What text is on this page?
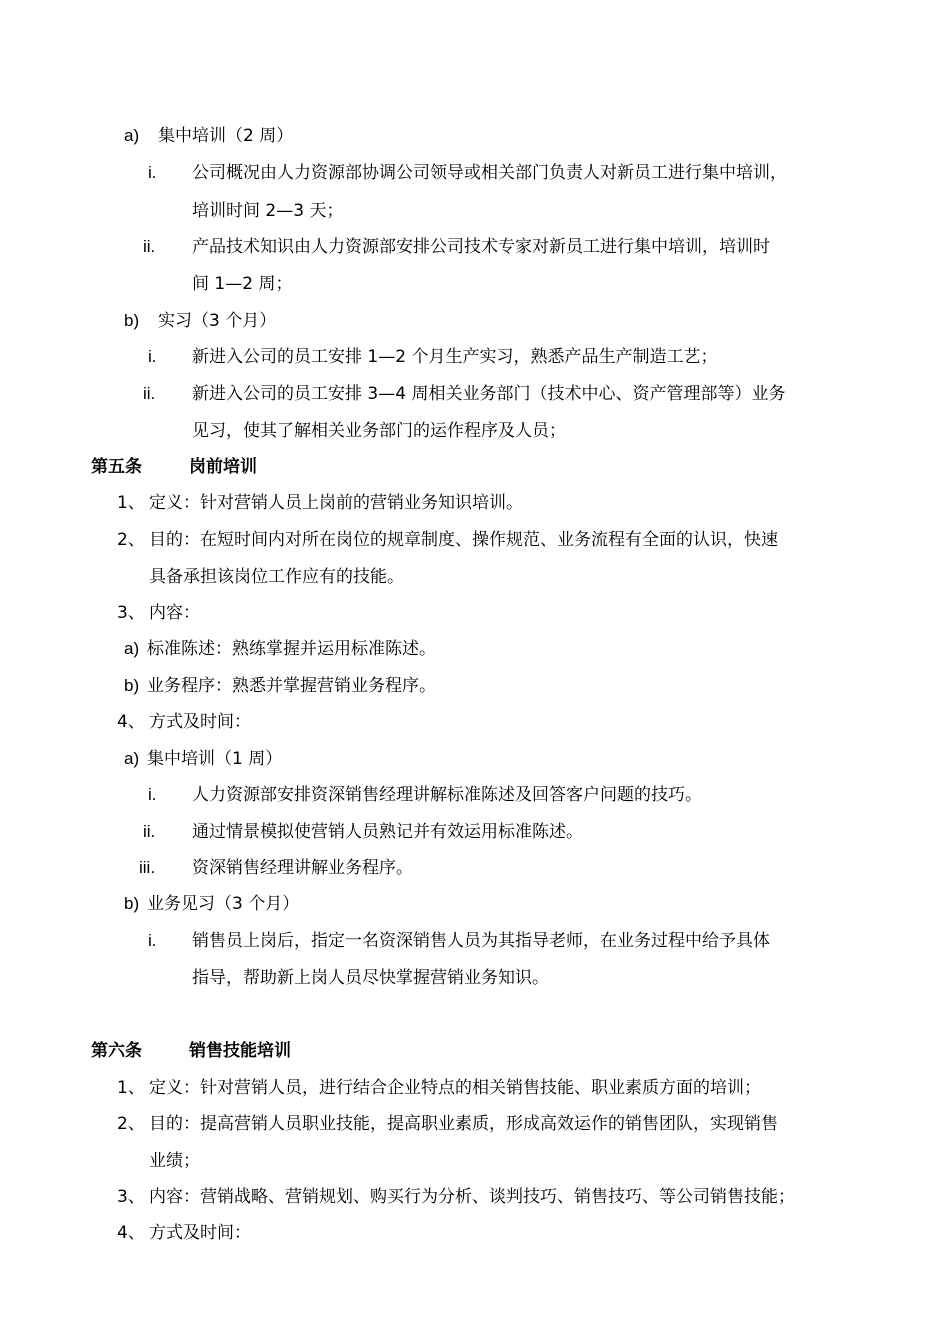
a) 集中培训（2 周）
i. 公司概况由人力资源部协调公司领导或相关部门负责人对新员工进行集中培训，
培训时间 2—3 天；
ii. 产品技术知识由人力资源部安排公司技术专家对新员工进行集中培训，培训时
间 1—2 周；
b) 实习（3 个月）
i. 新进入公司的员工安排 1—2 个月生产实习，熟悉产品生产制造工艺；
ii. 新进入公司的员工安排 3—4 周相关业务部门（技术中心、资产管理部等）业务
见习，使其了解相关业务部门的运作程序及人员；
第五条	岗前培训
1、 定义：针对营销人员上岗前的营销业务知识培训。
2、 目的：在短时间内对所在岗位的规章制度、操作规范、业务流程有全面的认识，快速
具备承担该岗位工作应有的技能。
3、 内容：
a) 标准陈述：熟练掌握并运用标准陈述。
b) 业务程序：熟悉并掌握营销业务程序。
4、 方式及时间：
a) 集中培训（1 周）
i. 人力资源部安排资深销售经理讲解标准陈述及回答客户问题的技巧。
ii. 通过情景模拟使营销人员熟记并有效运用标准陈述。
iii. 资深销售经理讲解业务程序。
b) 业务见习（3 个月）
i. 销售员上岗后，指定一名资深销售人员为其指导老师，在业务过程中给予具体
指导，帮助新上岗人员尽快掌握营销业务知识。
第六条	销售技能培训
1、 定义：针对营销人员，进行结合企业特点的相关销售技能、职业素质方面的培训；
2、 目的：提高营销人员职业技能，提高职业素质，形成高效运作的销售团队，实现销售
业绩；
3、 内容：营销战略、营销规划、购买行为分析、谈判技巧、销售技巧、等公司销售技能；
4、 方式及时间：
